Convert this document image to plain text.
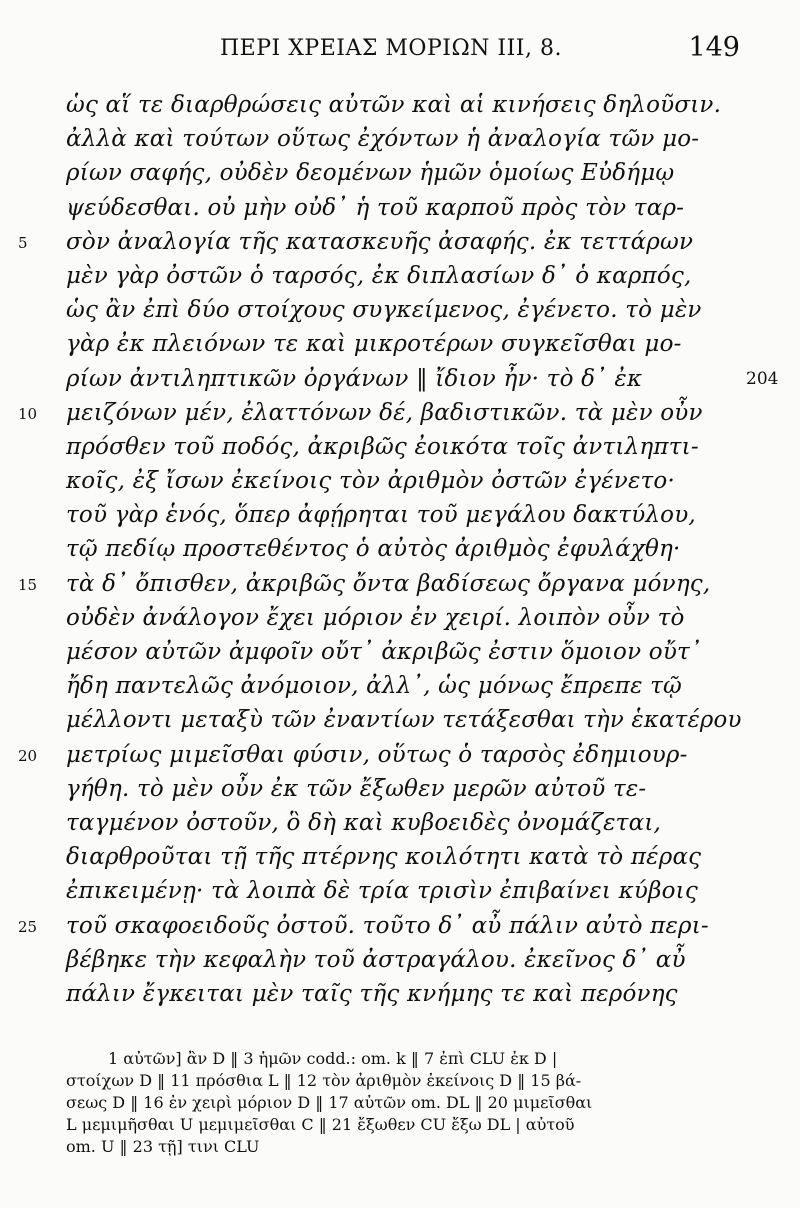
ΠΕΡΙ ΧΡΕΙΑΣ ΜΟΡΙΩΝ ΙΙΙ, 8.	149
ὡς αἵ τε διαρθρώσεις αὐτῶν καὶ αἱ κινήσεις δηλοῦσιν.
ἀλλὰ καὶ τούτων οὕτως ἐχόντων ἡ ἀναλογία τῶν μο-
ρίων σαφής, οὐδὲν δεομένων ἡμῶν ὁμοίως Εὐδήμῳ
ψεύδεσθαι. οὐ μὴν οὐδ᾽ ἡ τοῦ καρποῦ πρὸς τὸν ταρ-
5 σὸν ἀναλογία τῆς κατασκευῆς ἀσαφής. ἐκ τεττάρων
μὲν γὰρ ὀστῶν ὁ ταρσός, ἐκ διπλασίων δ᾽ ὁ καρπός,
ὡς ἂν ἐπὶ δύο στοίχους συγκείμενος, ἐγένετο. τὸ μὲν
γὰρ ἐκ πλειόνων τε καὶ μικροτέρων συγκεῖσθαι μο-
ρίων ἀντιληπτικῶν ὀργάνων ‖ ἴδιον ἦν· τὸ δ᾽ ἐκ	204
10 μειζόνων μέν, ἐλαττόνων δέ, βαδιστικῶν. τὰ μὲν οὖν
πρόσθεν τοῦ ποδός, ἀκριβῶς ἐοικότα τοῖς ἀντιληπτι-
κοῖς, ἐξ ἴσων ἐκείνοις τὸν ἀριθμὸν ὀστῶν ἐγένετο·
τοῦ γὰρ ἑνός, ὅπερ ἀφῄρηται τοῦ μεγάλου δακτύλου,
τῷ πεδίῳ προστεθέντος ὁ αὐτὸς ἀριθμὸς ἐφυλάχθη·
15 τὰ δ᾽ ὄπισθεν, ἀκριβῶς ὄντα βαδίσεως ὄργανα μόνης,
οὐδὲν ἀνάλογον ἔχει μόριον ἐν χειρί. λοιπὸν οὖν τὸ
μέσον αὐτῶν ἀμφοῖν οὔτ᾽ ἀκριβῶς ἐστιν ὅμοιον οὔτ᾽
ἤδη παντελῶς ἀνόμοιον, ἀλλ᾽, ὡς μόνως ἔπρεπε τῷ
μέλλοντι μεταξὺ τῶν ἐναντίων τετάξεσθαι τὴν ἑκατέρου
20 μετρίως μιμεῖσθαι φύσιν, οὕτως ὁ ταρσὸς ἐδημιουρ-
γήθη. τὸ μὲν οὖν ἐκ τῶν ἔξωθεν μερῶν αὐτοῦ τε-
ταγμένον ὀστοῦν, ὃ δὴ καὶ κυβοειδὲς ὀνομάζεται,
διαρθροῦται τῇ τῆς πτέρνης κοιλότητι κατὰ τὸ πέρας
ἐπικειμένῃ· τὰ λοιπὰ δὲ τρία τρισὶν ἐπιβαίνει κύβοις
25 τοῦ σκαφοειδοῦς ὀστοῦ. τοῦτο δ᾽ αὖ πάλιν αὐτὸ περι-
βέβηκε τὴν κεφαλὴν τοῦ ἀστραγάλου. ἐκεῖνος δ᾽ αὖ
πάλιν ἔγκειται μὲν ταῖς τῆς κνήμης τε καὶ περόνης
1 αὐτῶν] ἂν D ‖ 3 ἡμῶν codd.: om. k ‖ 7 ἐπὶ CLU ἐκ D |
στοίχων D ‖ 11 πρόσθια L ‖ 12 τὸν ἀριθμὸν ἐκείνοις D ‖ 15 βά-
σεως D ‖ 16 ἐν χειρὶ μόριον D ‖ 17 αὐτῶν om. DL ‖ 20 μιμεῖσθαι
L μεμιμῆσθαι U μεμιμεῖσθαι C ‖ 21 ἔξωθεν CU ἔξω DL | αὐτοῦ
om. U ‖ 23 τῇ] τινι CLU
